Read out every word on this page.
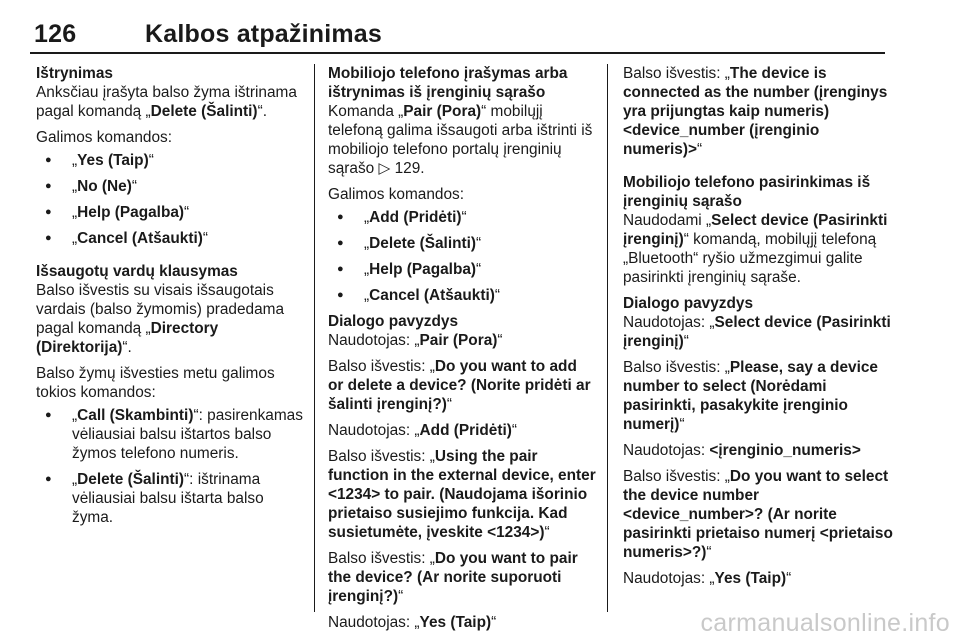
126	Kalbos atpažinimas

Ištrynimas

Anksčiau įrašyta balso žyma ištrinama pagal komandą „Delete (Šalinti)“.

Galimos komandos:

● „Yes (Taip)“
● „No (Ne)“
● „Help (Pagalba)“
● „Cancel (Atšaukti)“

Išsaugotų vardų klausymas

Balso išvestis su visais išsaugotais vardais (balso žymomis) pradedama pagal komandą „Directory (Direktorija)“.

Balso žymų išvesties metu galimos tokios komandos:

● „Call (Skambinti)“: pasirenkamas vėliausiai balsu ištartos balso žymos telefono numeris.
● „Delete (Šalinti)“: ištrinama vėliausiai balsu ištarta balso žyma.

Mobiliojo telefono įrašymas arba ištrynimas iš įrenginių sąrašo

Komanda „Pair (Pora)“ mobilųjį telefoną galima išsaugoti arba ištrinti iš mobiliojo telefono portalų įrenginių sąrašo ▷ 129.

Galimos komandos:

● „Add (Pridėti)“
● „Delete (Šalinti)“
● „Help (Pagalba)“
● „Cancel (Atšaukti)“

Dialogo pavyzdys

Naudotojas: „Pair (Pora)“

Balso išvestis: „Do you want to add or delete a device? (Norite pridėti ar šalinti įrenginį?)“

Naudotojas: „Add (Pridėti)“

Balso išvestis: „Using the pair function in the external device, enter <1234> to pair. (Naudojama išorinio prietaiso susiejimo funkcija. Kad susietumėte, įveskite <1234>)“

Balso išvestis: „Do you want to pair the device? (Ar norite suporuoti įrenginį?)“

Naudotojas: „Yes (Taip)“

Balso išvestis: „The device is connected as the number (įrenginys yra prijungtas kaip numeris) <device_number (įrenginio numeris)>“

Mobiliojo telefono pasirinkimas iš įrenginių sąrašo

Naudodami „Select device (Pasirinkti įrenginį)“ komandą, mobilųjį telefoną „Bluetooth“ ryšio užmezgimui galite pasirinkti įrenginių sąraše.

Dialogo pavyzdys

Naudotojas: „Select device (Pasirinkti įrenginį)“

Balso išvestis: „Please, say a device number to select (Norėdami pasirinkti, pasakykite įrenginio numerį)“

Naudotojas: <įrenginio_numeris>

Balso išvestis: „Do you want to select the device number <device_number>? (Ar norite pasirinkti prietaiso numerį <prietaiso numeris>?)“

Naudotojas: „Yes (Taip)“

carmanualsonline.info
